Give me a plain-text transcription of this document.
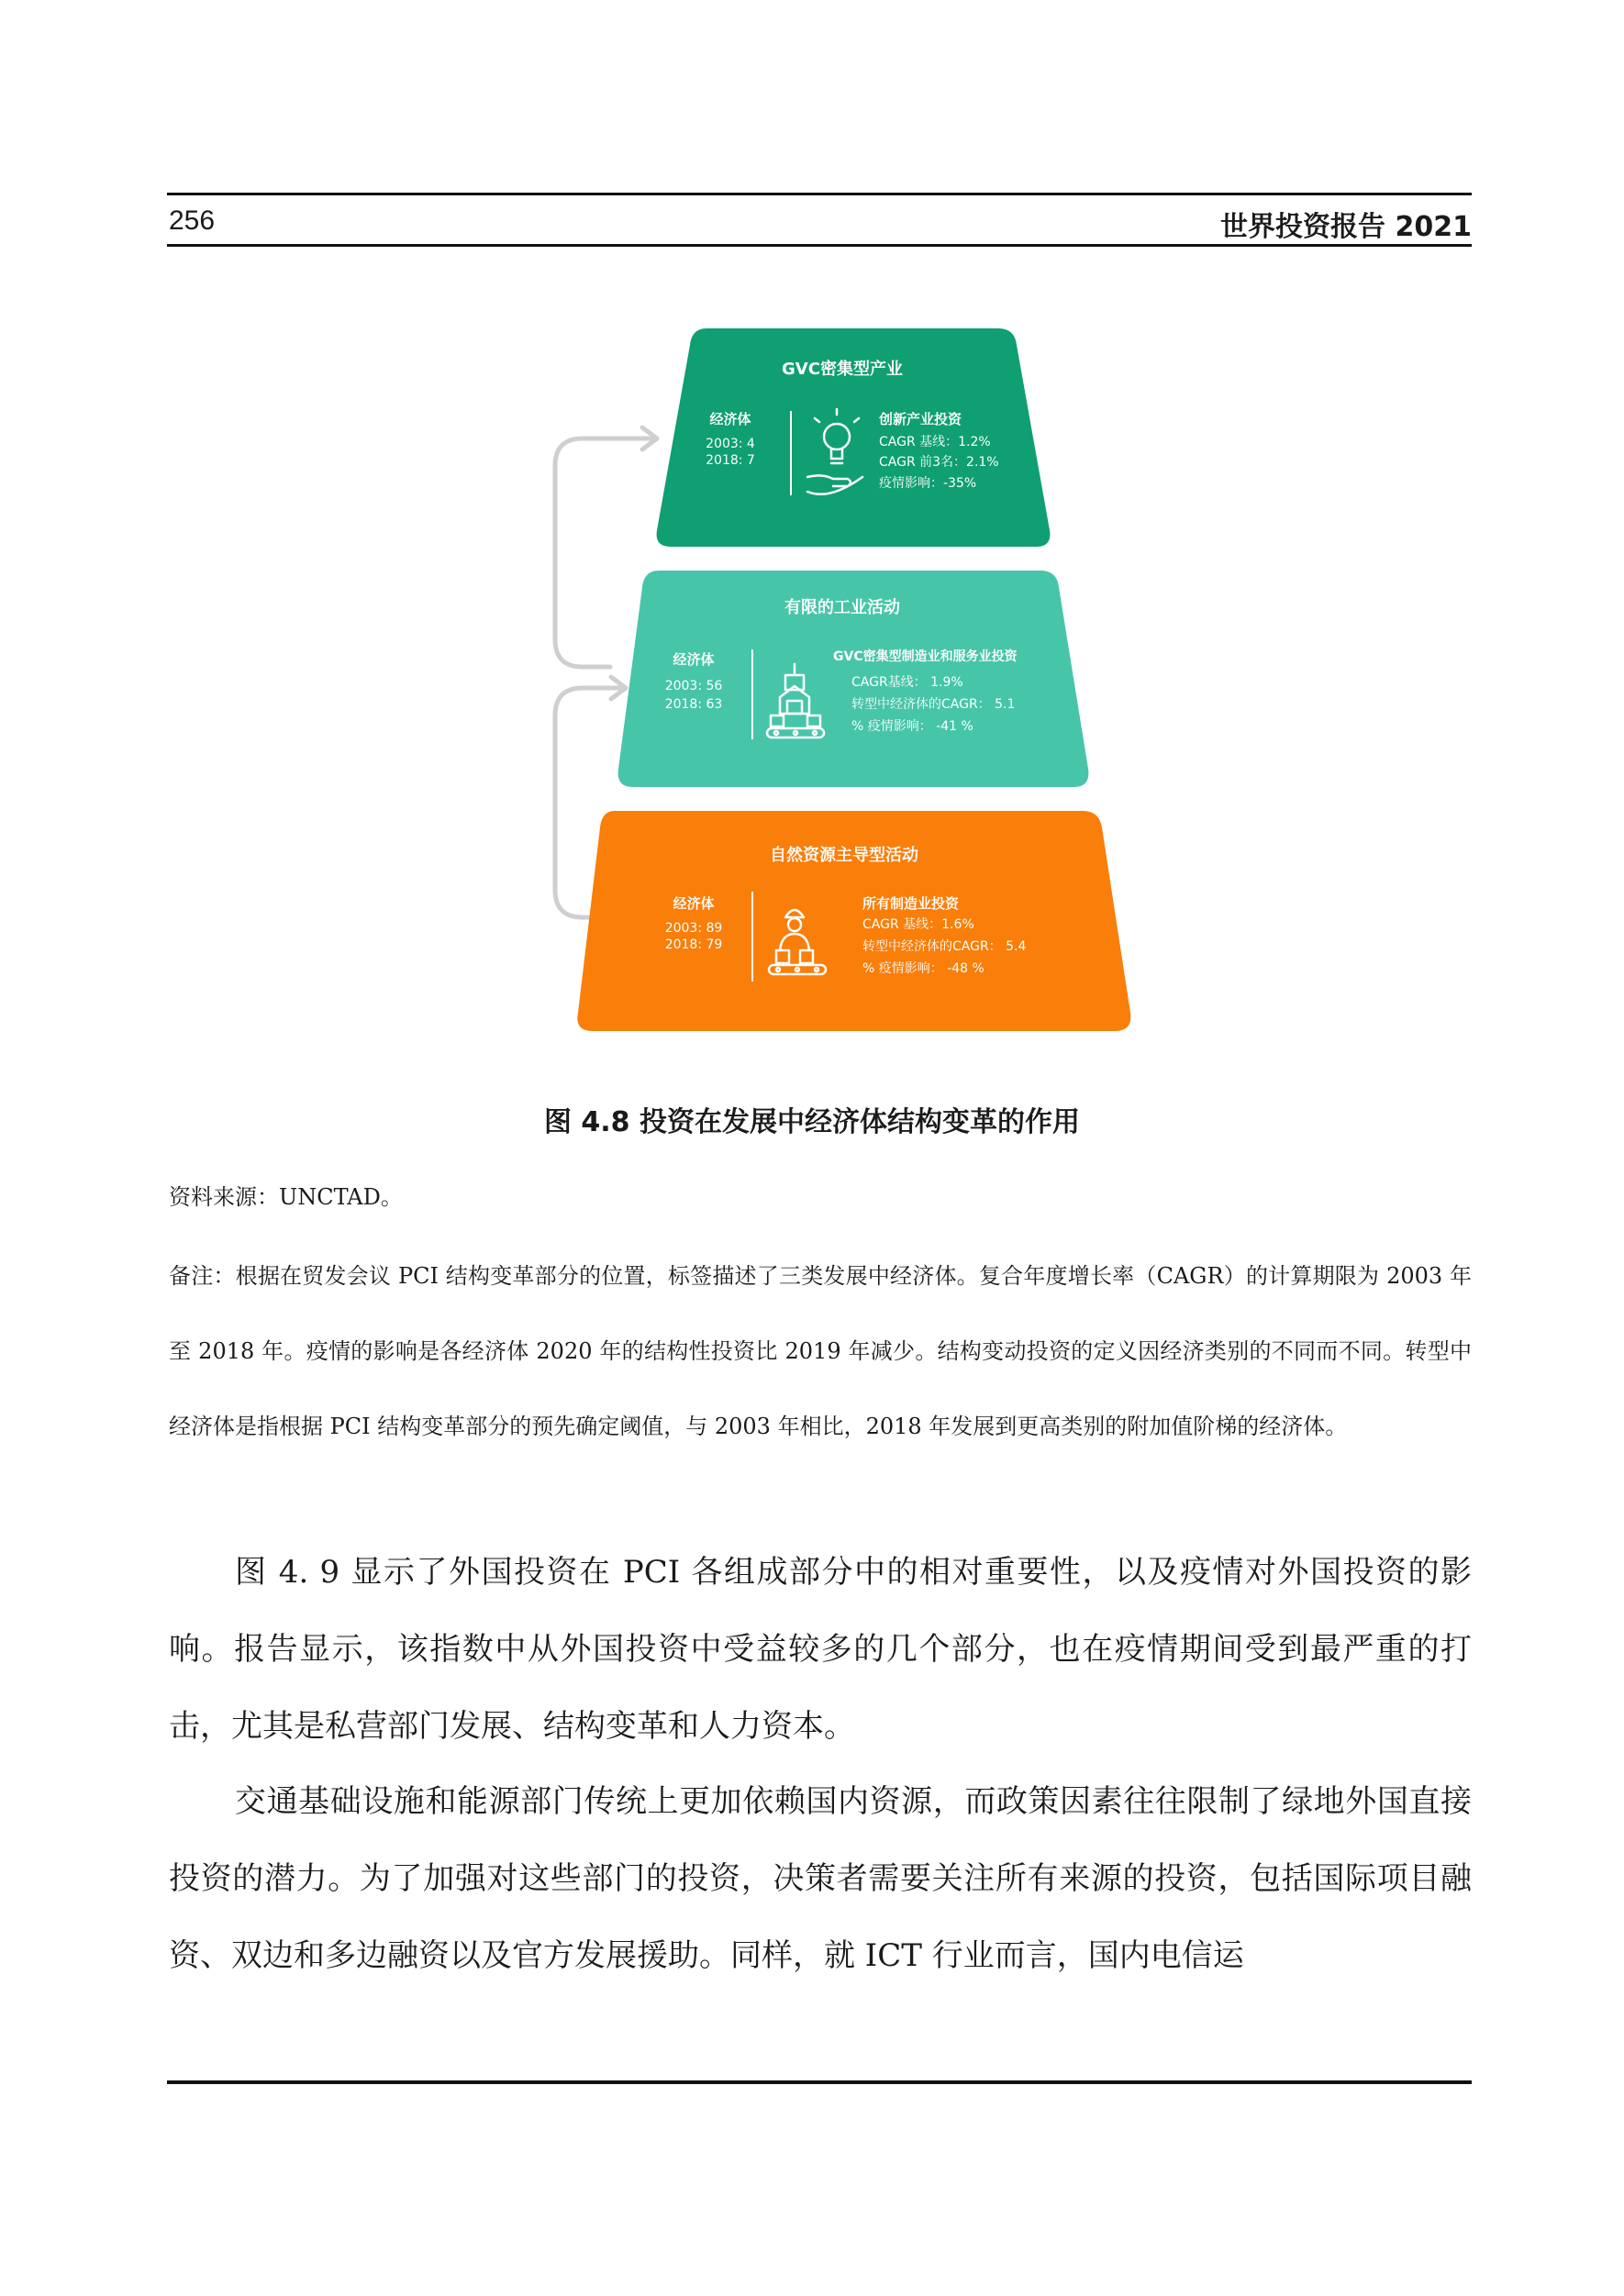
256	世界投资报告 2021
GVC密集型产业
经济体
2003: 4
2018: 7
创新产业投资
CAGR 基线：1.2%
CAGR 前3名：2.1%
疫情影响：-35%
有限的工业活动
经济体
2003: 56
2018: 63
GVC密集型制造业和服务业投资
CAGR基线： 1.9%
转型中经济体的CAGR： 5.1
% 疫情影响： -41 %
自然资源主导型活动
经济体
2003: 89
2018: 79
所有制造业投资
CAGR 基线：1.6%
转型中经济体的CAGR： 5.4
% 疫情影响： -48 %
图 4.8 投资在发展中经济体结构变革的作用
资料来源：UNCTAD。
备注：根据在贸发会议 PCI 结构变革部分的位置，标签描述了三类发展中经济体。复合年度增长率（CAGR）的计算期限为 2003 年至 2018 年。疫情的影响是各经济体 2020 年的结构性投资比 2019 年减少。结构变动投资的定义因经济类别的不同而不同。转型中经济体是指根据 PCI 结构变革部分的预先确定阈值，与 2003 年相比，2018 年发展到更高类别的附加值阶梯的经济体。
图 4. 9 显示了外国投资在 PCI 各组成部分中的相对重要性，以及疫情对外国投资的影响。报告显示，该指数中从外国投资中受益较多的几个部分，也在疫情期间受到最严重的打击，尤其是私营部门发展、结构变革和人力资本。
交通基础设施和能源部门传统上更加依赖国内资源，而政策因素往往限制了绿地外国直接投资的潜力。为了加强对这些部门的投资，决策者需要关注所有来源的投资，包括国际项目融资、双边和多边融资以及官方发展援助。同样，就 ICT 行业而言，国内电信运
